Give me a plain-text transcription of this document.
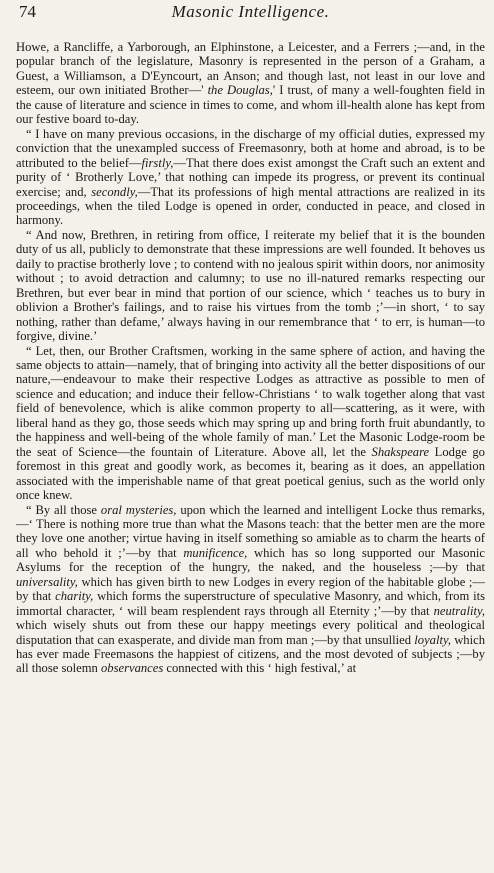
74	Masonic Intelligence.

Howe, a Rancliffe, a Yarborough, an Elphinstone, a Leicester, and a Ferrers ;—and, in the popular branch of the legislature, Masonry is represented in the person of a Graham, a Guest, a Williamson, a D'Eyncourt, an Anson; and though last, not least in our love and esteem, our own initiated Brother—' the Douglas,' I trust, of many a well-foughten field in the cause of literature and science in times to come, and whom ill-health alone has kept from our festive board to-day.

“ I have on many previous occasions, in the discharge of my official duties, expressed my conviction that the unexampled success of Freemasonry, both at home and abroad, is to be attributed to the belief—firstly,—That there does exist amongst the Craft such an extent and purity of ‘ Brotherly Love,’ that nothing can impede its progress, or prevent its continual exercise; and, secondly,—That its professions of high mental attractions are realized in its proceedings, when the tiled Lodge is opened in order, conducted in peace, and closed in harmony.

“ And now, Brethren, in retiring from office, I reiterate my belief that it is the bounden duty of us all, publicly to demonstrate that these impressions are well founded. It behoves us daily to practise brotherly love ; to contend with no jealous spirit within doors, nor animosity without ; to avoid detraction and calumny; to use no ill-natured remarks respecting our Brethren, but ever bear in mind that portion of our science, which ‘ teaches us to bury in oblivion a Brother's failings, and to raise his virtues from the tomb ;’—in short, ‘ to say nothing, rather than defame,’ always having in our remembrance that ‘ to err, is human—to forgive, divine.’

“ Let, then, our Brother Craftsmen, working in the same sphere of action, and having the same objects to attain—namely, that of bringing into activity all the better dispositions of our nature,—endeavour to make their respective Lodges as attractive as possible to men of science and education; and induce their fellow-Christians ‘ to walk together along that vast field of benevolence, which is alike common property to all—scattering, as it were, with liberal hand as they go, those seeds which may spring up and bring forth fruit abundantly, to the happiness and well-being of the whole family of man.’ Let the Masonic Lodge-room be the seat of Science—the fountain of Literature. Above all, let the Shakspeare Lodge go foremost in this great and goodly work, as becomes it, bearing as it does, an appellation associated with the imperishable name of that great poetical genius, such as the world only once knew.

“ By all those oral mysteries, upon which the learned and intelligent Locke thus remarks,—‘ There is nothing more true than what the Masons teach: that the better men are the more they love one another; virtue having in itself something so amiable as to charm the hearts of all who behold it ;’—by that munificence, which has so long supported our Masonic Asylums for the reception of the hungry, the naked, and the houseless ;—by that universality, which has given birth to new Lodges in every region of the habitable globe ;—by that charity, which forms the superstructure of speculative Masonry, and which, from its immortal character, ‘ will beam resplendent rays through all Eternity ;’—by that neutrality, which wisely shuts out from these our happy meetings every political and theological disputation that can exasperate, and divide man from man ;—by that unsullied loyalty, which has ever made Freemasons the happiest of citizens, and the most devoted of subjects ;—by all those solemn observances connected with this ‘ high festival,’ at
